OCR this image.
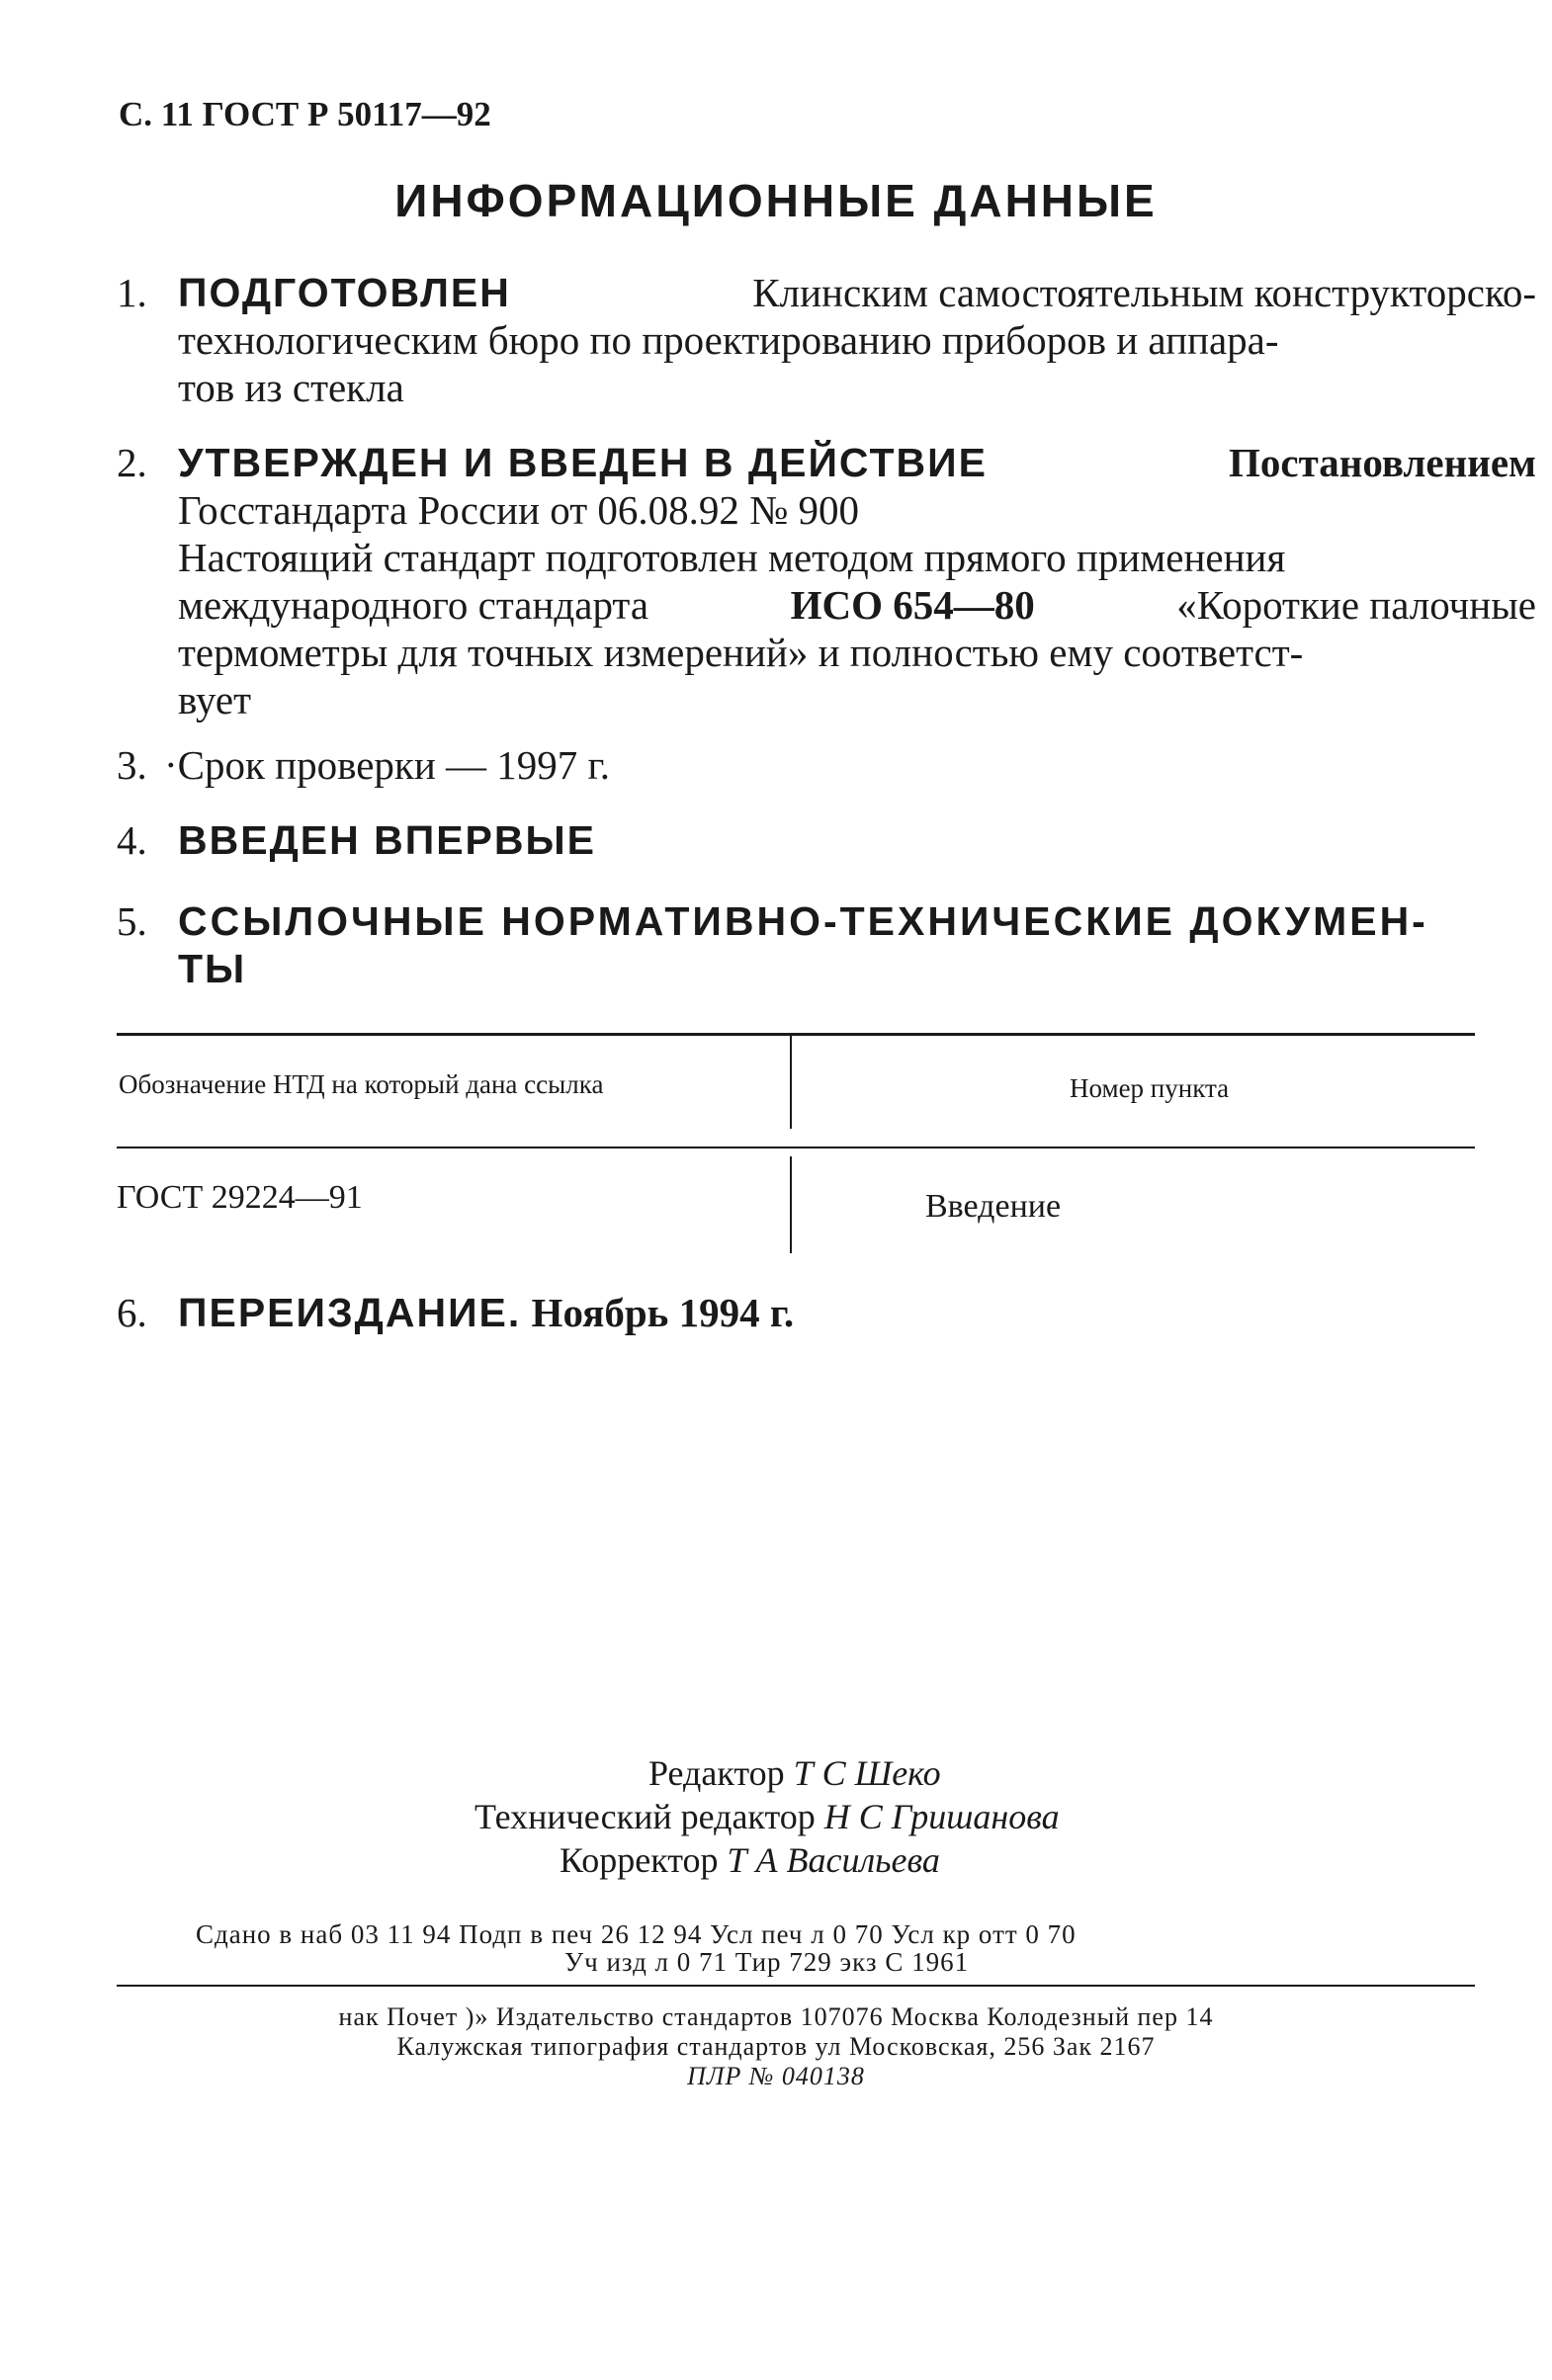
С. 11 ГОСТ Р 50117—92
ИНФОРМАЦИОННЫЕ ДАННЫЕ
1. ПОДГОТОВЛЕН	Клинским самостоятельным конструкторско-
технологическим бюро по проектированию приборов и аппара-
тов из стекла
2. УТВЕРЖДЕН И ВВЕДЕН В ДЕЙСТВИЕ	Постановлением
Госстандарта России от 06.08.92 № 900
Настоящий стандарт подготовлен методом прямого применения
международного стандарта	ИСО 654—80	«Короткие палочные
термометры для точных измерений» и полностью ему соответст-
вует
3. ·Срок проверки — 1997 г.
4. ВВЕДЕН ВПЕРВЫЕ
5. ССЫЛОЧНЫЕ НОРМАТИВНО-ТЕХНИЧЕСКИЕ ДОКУМЕН-
ТЫ
Обозначение НТД на который дана ссылка	Номер пункта
ГОСТ 29224—91	Введение
6. ПЕРЕИЗДАНИЕ. Ноябрь 1994 г.
Редактор Т С Шеко
Технический редактор Н С Гришанова
Корректор Т А Васильева
Сдано в наб 03 11 94 Подп в печ 26 12 94 Усл печ л 0 70 Усл кр отт 0 70
Уч изд л 0 71 Тир 729 экз С 1961
нак Почет )» Издательство стандартов 107076 Москва Колодезный пер 14
Калужская типография стандартов ул Московская, 256 Зак 2167
ПЛР № 040138
